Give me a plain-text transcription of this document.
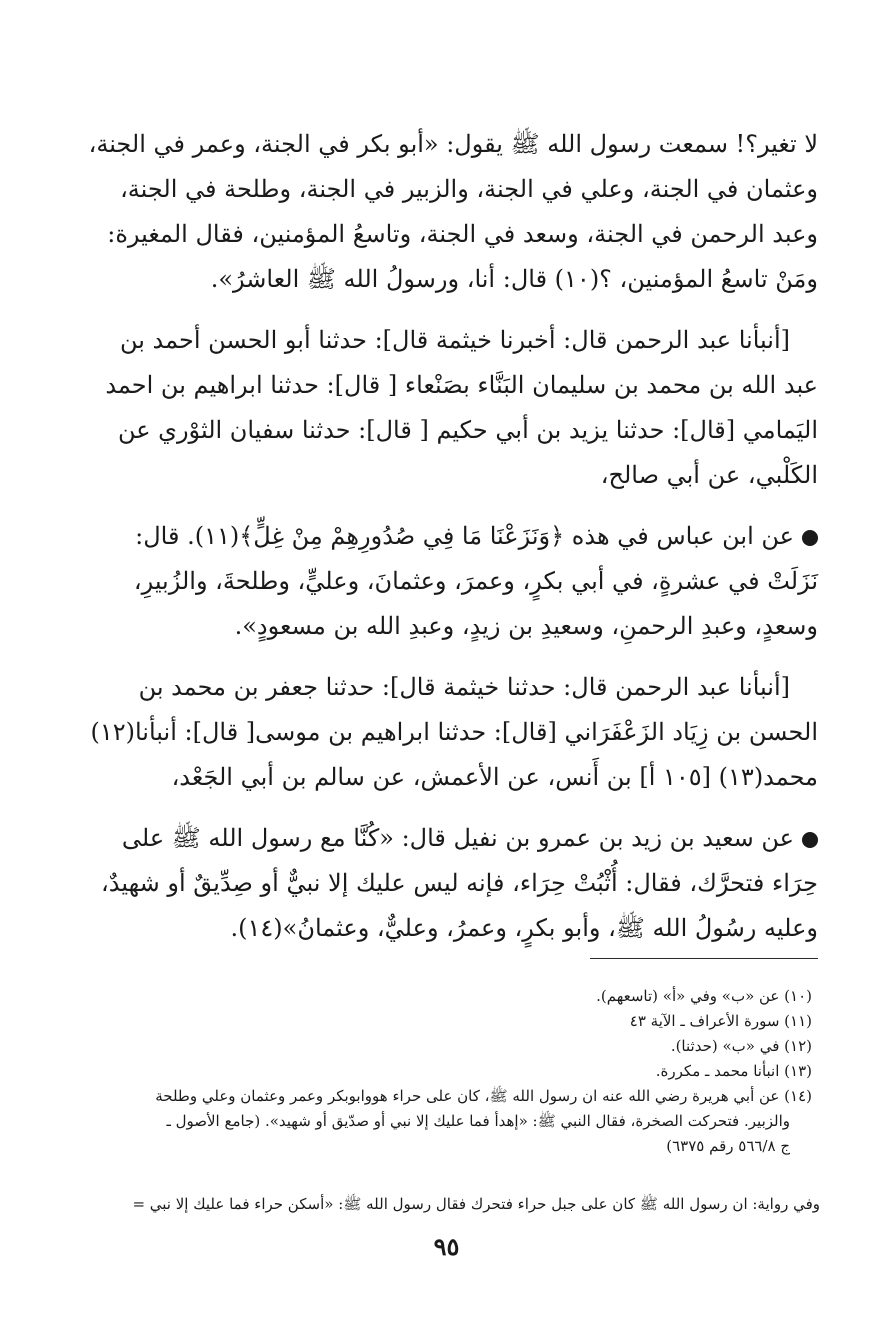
لا تغير؟! سمعت رسول الله ﷺ يقول: «أبو بكر في الجنة، وعمر في الجنة،
وعثمان في الجنة، وعلي في الجنة، والزبير في الجنة، وطلحة في الجنة،
وعبد الرحمن في الجنة، وسعد في الجنة، وتاسعُ المؤمنين، فقال المغيرة:
ومَنْ تاسعُ المؤمنين، ؟(١٠) قال: أنا، ورسولُ الله ﷺ العاشرُ».
[أنبأنا عبد الرحمن قال: أخبرنا خيثمة قال]: حدثنا أبو الحسن أحمد بن
عبد الله بن محمد بن سليمان البَنَّاء بصَنْعاء [ قال]: حدثنا ابراهيم بن احمد
اليَمامي [قال]: حدثنا يزيد بن أبي حكيم [ قال]: حدثنا سفيان الثوْري عن
الكَلْبي، عن أبي صالح،
عن ابن عباس في هذه ﴿وَنَزَعْنَا مَا فِي صُدُورِهِمْ مِنْ غِلٍّ﴾(١١). قال:
نَزَلَتْ في عشرةٍ، في أبي بكرٍ، وعمرَ، وعثمانَ، وعليٍّ، وطلحةَ، والزُبيرِ،
وسعدٍ، وعبدِ الرحمنِ، وسعيدِ بن زيدٍ، وعبدِ الله بن مسعودٍ».
[أنبأنا عبد الرحمن قال: حدثنا خيثمة قال]: حدثنا جعفر بن محمد بن
الحسن بن زِيَاد الزَعْفَرَاني [قال]: حدثنا ابراهيم بن موسى[ قال]: أنبأنا(١٢)
محمد(١٣) [١٠٥ أ] بن أَنس، عن الأعمش، عن سالم بن أبي الجَعْد،
عن سعيد بن زيد بن عمرو بن نفيل قال: «كُنَّا مع رسول الله ﷺ على
حِرَاء فتحرَّك، فقال: أُثْبُتْ حِرَاء، فإنه ليس عليك إلا نبيٌّ أو صِدِّيقٌ أو شهيدٌ،
وعليه رسُولُ الله ﷺ، وأبو بكرٍ، وعمرُ، وعليٌّ، وعثمانُ»(١٤).
(١٠) عن «ب» وفي «أ» (تاسعهم).
(١١) سورة الأعراف ـ الآية ٤٣
(١٢) في «ب» (حدثنا).
(١٣) انبأنا محمد ـ مكررة.
(١٤) عن أبي هريرة رضي الله عنه ان رسول الله ﷺ، كان على حراء هووابوبكر وعمر وعثمان وعلي وطلحة
والزبير. فتحركت الصخرة، فقال النبي ﷺ: «إهدأ فما عليك إلا نبي أو صدّيق أو شهيد». (جامع الأصول ـ
ج ٥٦٦/٨ رقم ٦٣٧٥)
وفي رواية: ان رسول الله ﷺ كان على جبل حراء فتحرك فقال رسول الله ﷺ: «أسكن حراء فما عليك إلا نبي =
٩٥
